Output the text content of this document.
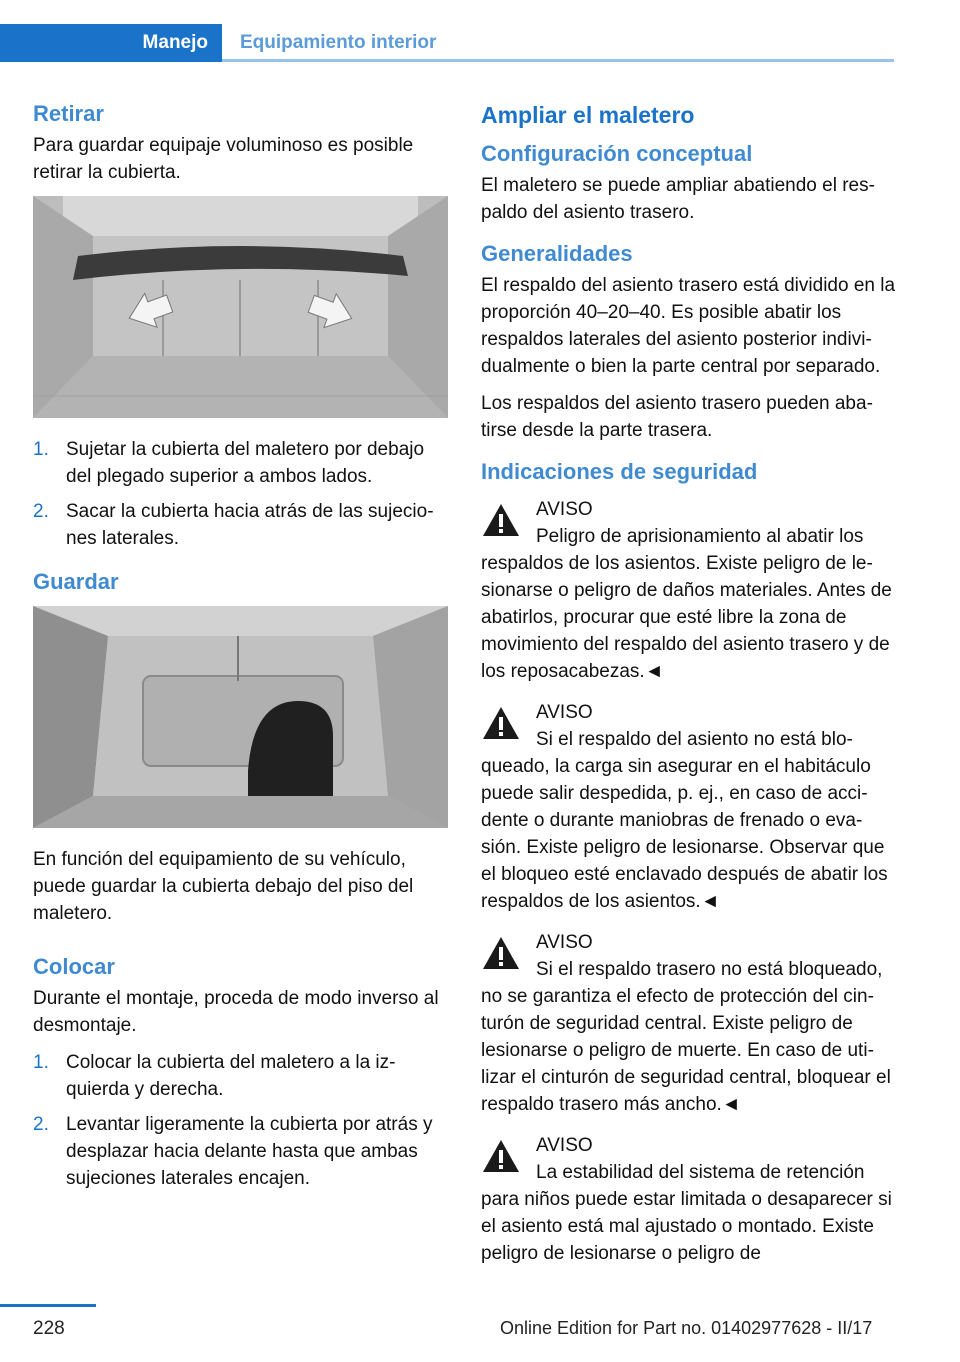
Manejo Equipamiento interior
Retirar

Para guardar equipaje voluminoso es posible retirar la cubierta.

1. Sujetar la cubierta del maletero por debajo del plegado superior a ambos lados.
2. Sacar la cubierta hacia atrás de las sujeciones laterales.
Guardar

En función del equipamiento de su vehículo, puede guardar la cubierta debajo del piso del maletero.

Colocar

Durante el montaje, proceda de modo inverso al desmontaje.

1. Colocar la cubierta del maletero a la izquierda y derecha.
2. Levantar ligeramente la cubierta por atrás y desplazar hacia delante hasta que ambas sujeciones laterales encajen.
Ampliar el maletero
Configuración conceptual

El maletero se puede ampliar abatiendo el respaldo del asiento trasero.

Generalidades

El respaldo del asiento trasero está dividido en la proporción 40–20–40. Es posible abatir los respaldos laterales del asiento posterior individualmente o bien la parte central por separado.

Los respaldos del asiento trasero pueden abatirse desde la parte trasera.

Indicaciones de seguridad
AVISO

Peligro de aprisionamiento al abatir los respaldos de los asientos. Existe peligro de lesionarse o peligro de daños materiales. Antes de abatirlos, procurar que esté libre la zona de movimiento del respaldo del asiento trasero y de los reposacabezas.◄

AVISO

Si el respaldo del asiento no está bloqueado, la carga sin asegurar en el habitáculo puede salir despedida, p. ej., en caso de accidente o durante maniobras de frenado o evasión. Existe peligro de lesionarse. Observar que el bloqueo esté enclavado después de abatir los respaldos de los asientos.◄

AVISO

Si el respaldo trasero no está bloqueado, no se garantiza el efecto de protección del cinturón de seguridad central. Existe peligro de lesionarse o peligro de muerte. En caso de utilizar el cinturón de seguridad central, bloquear el respaldo trasero más ancho.◄

AVISO

La estabilidad del sistema de retención para niños puede estar limitada o desaparecer si el asiento está mal ajustado o montado. Existe peligro de lesionarse o peligro de

228	Online Edition for Part no. 01402977628 - II/17
